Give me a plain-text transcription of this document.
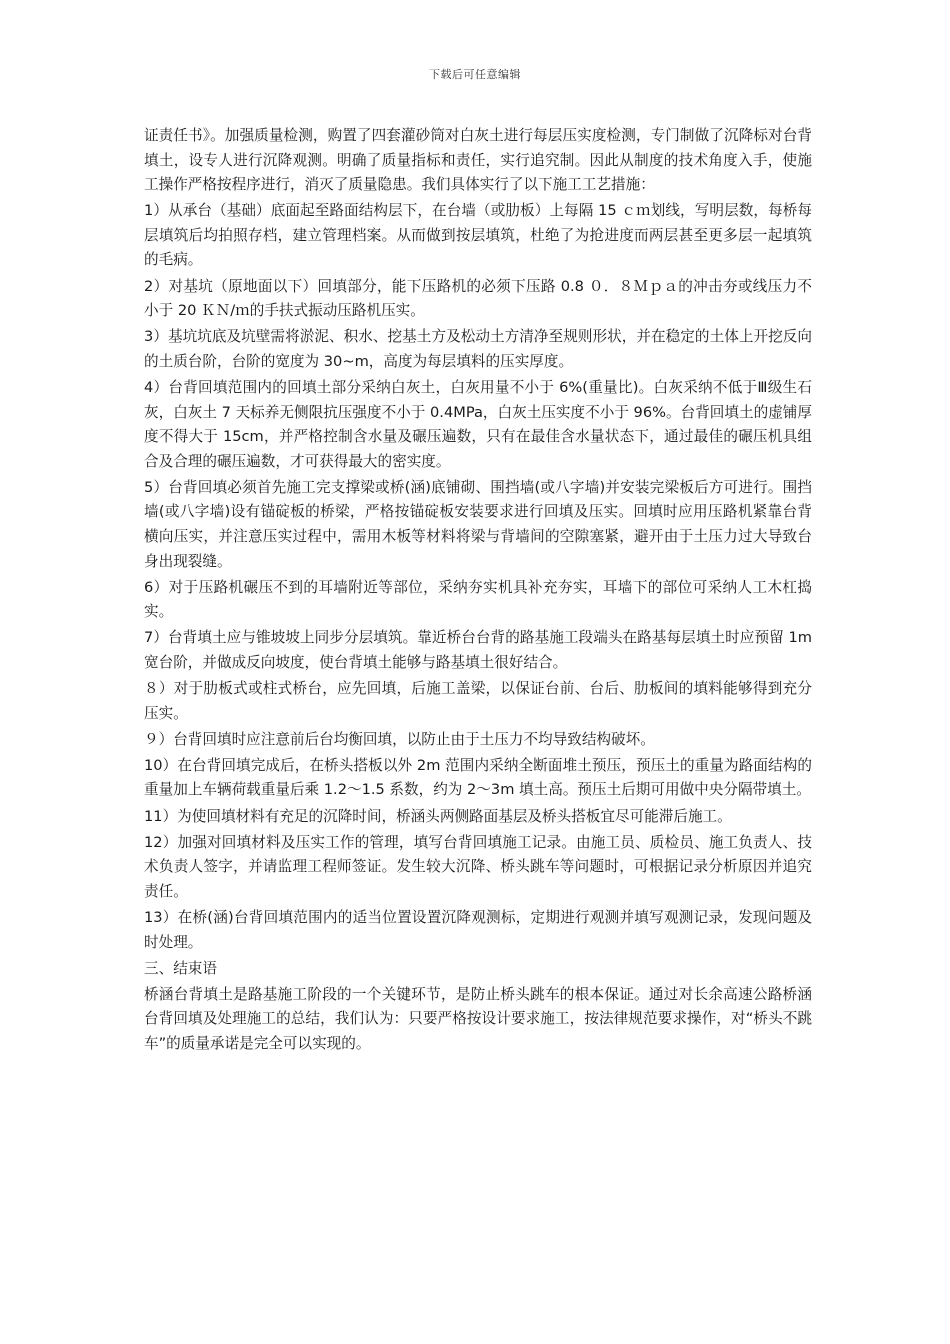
下载后可任意编辑

证责任书》。加强质量检测，购置了四套灌砂筒对白灰土进行每层压实度检测，专门制做了沉降标对台背填土，设专人进行沉降观测。明确了质量指标和责任，实行追究制。因此从制度的技术角度入手，使施工操作严格按程序进行，消灭了质量隐患。我们具体实行了以下施工工艺措施：

1）从承台（基础）底面起至路面结构层下，在台墙（或肋板）上每隔 15 ｃｍ划线，写明层数，每桥每层填筑后均拍照存档，建立管理档案。从而做到按层填筑，杜绝了为抢进度而两层甚至更多层一起填筑的毛病。

2）对基坑（原地面以下）回填部分，能下压路机的必须下压路 0.8 ０．８Ｍｐａ的冲击夯或线压力不小于 20 ＫＮ/ｍ的手扶式振动压路机压实。

3）基坑坑底及坑壁需将淤泥、积水、挖基土方及松动土方清净至规则形状，并在稳定的土体上开挖反向的土质台阶，台阶的宽度为 30~m，高度为每层填料的压实厚度。

4）台背回填范围内的回填土部分采纳白灰土，白灰用量不小于 6%(重量比)。白灰采纳不低于Ⅲ级生石灰，白灰土 7 天标养无侧限抗压强度不小于 0.4MPa，白灰土压实度不小于 96%。台背回填土的虚铺厚度不得大于 15cm，并严格控制含水量及碾压遍数，只有在最佳含水量状态下，通过最佳的碾压机具组合及合理的碾压遍数，才可获得最大的密实度。

5）台背回填必须首先施工完支撑梁或桥(涵)底铺砌、围挡墙(或八字墙)并安装完梁板后方可进行。围挡墙(或八字墙)设有锚碇板的桥梁，严格按锚碇板安装要求进行回填及压实。回填时应用压路机紧靠台背横向压实，并注意压实过程中，需用木板等材料将梁与背墙间的空隙塞紧，避开由于土压力过大导致台身出现裂缝。

6）对于压路机碾压不到的耳墙附近等部位，采纳夯实机具补充夯实，耳墙下的部位可采纳人工木杠捣实。

7）台背填土应与锥坡坡上同步分层填筑。靠近桥台台背的路基施工段端头在路基每层填土时应预留 1m 宽台阶，并做成反向坡度，使台背填土能够与路基填土很好结合。

８）对于肋板式或柱式桥台，应先回填，后施工盖梁，以保证台前、台后、肋板间的填料能够得到充分压实。

９）台背回填时应注意前后台均衡回填，以防止由于土压力不均导致结构破坏。

10）在台背回填完成后，在桥头搭板以外 2m 范围内采纳全断面堆土预压，预压土的重量为路面结构的重量加上车辆荷载重量后乘 1.2～1.5 系数，约为 2～3m 填土高。预压土后期可用做中央分隔带填土。

11）为使回填材料有充足的沉降时间，桥涵头两侧路面基层及桥头搭板宜尽可能滞后施工。

12）加强对回填材料及压实工作的管理，填写台背回填施工记录。由施工员、质检员、施工负责人、技术负责人签字，并请监理工程师签证。发生较大沉降、桥头跳车等问题时，可根据记录分析原因并追究责任。

13）在桥(涵)台背回填范围内的适当位置设置沉降观测标，定期进行观测并填写观测记录，发现问题及时处理。

三、结束语

桥涵台背填土是路基施工阶段的一个关键环节，是防止桥头跳车的根本保证。通过对长余高速公路桥涵台背回填及处理施工的总结，我们认为：只要严格按设计要求施工，按法律规范要求操作，对“桥头不跳车”的质量承诺是完全可以实现的。
